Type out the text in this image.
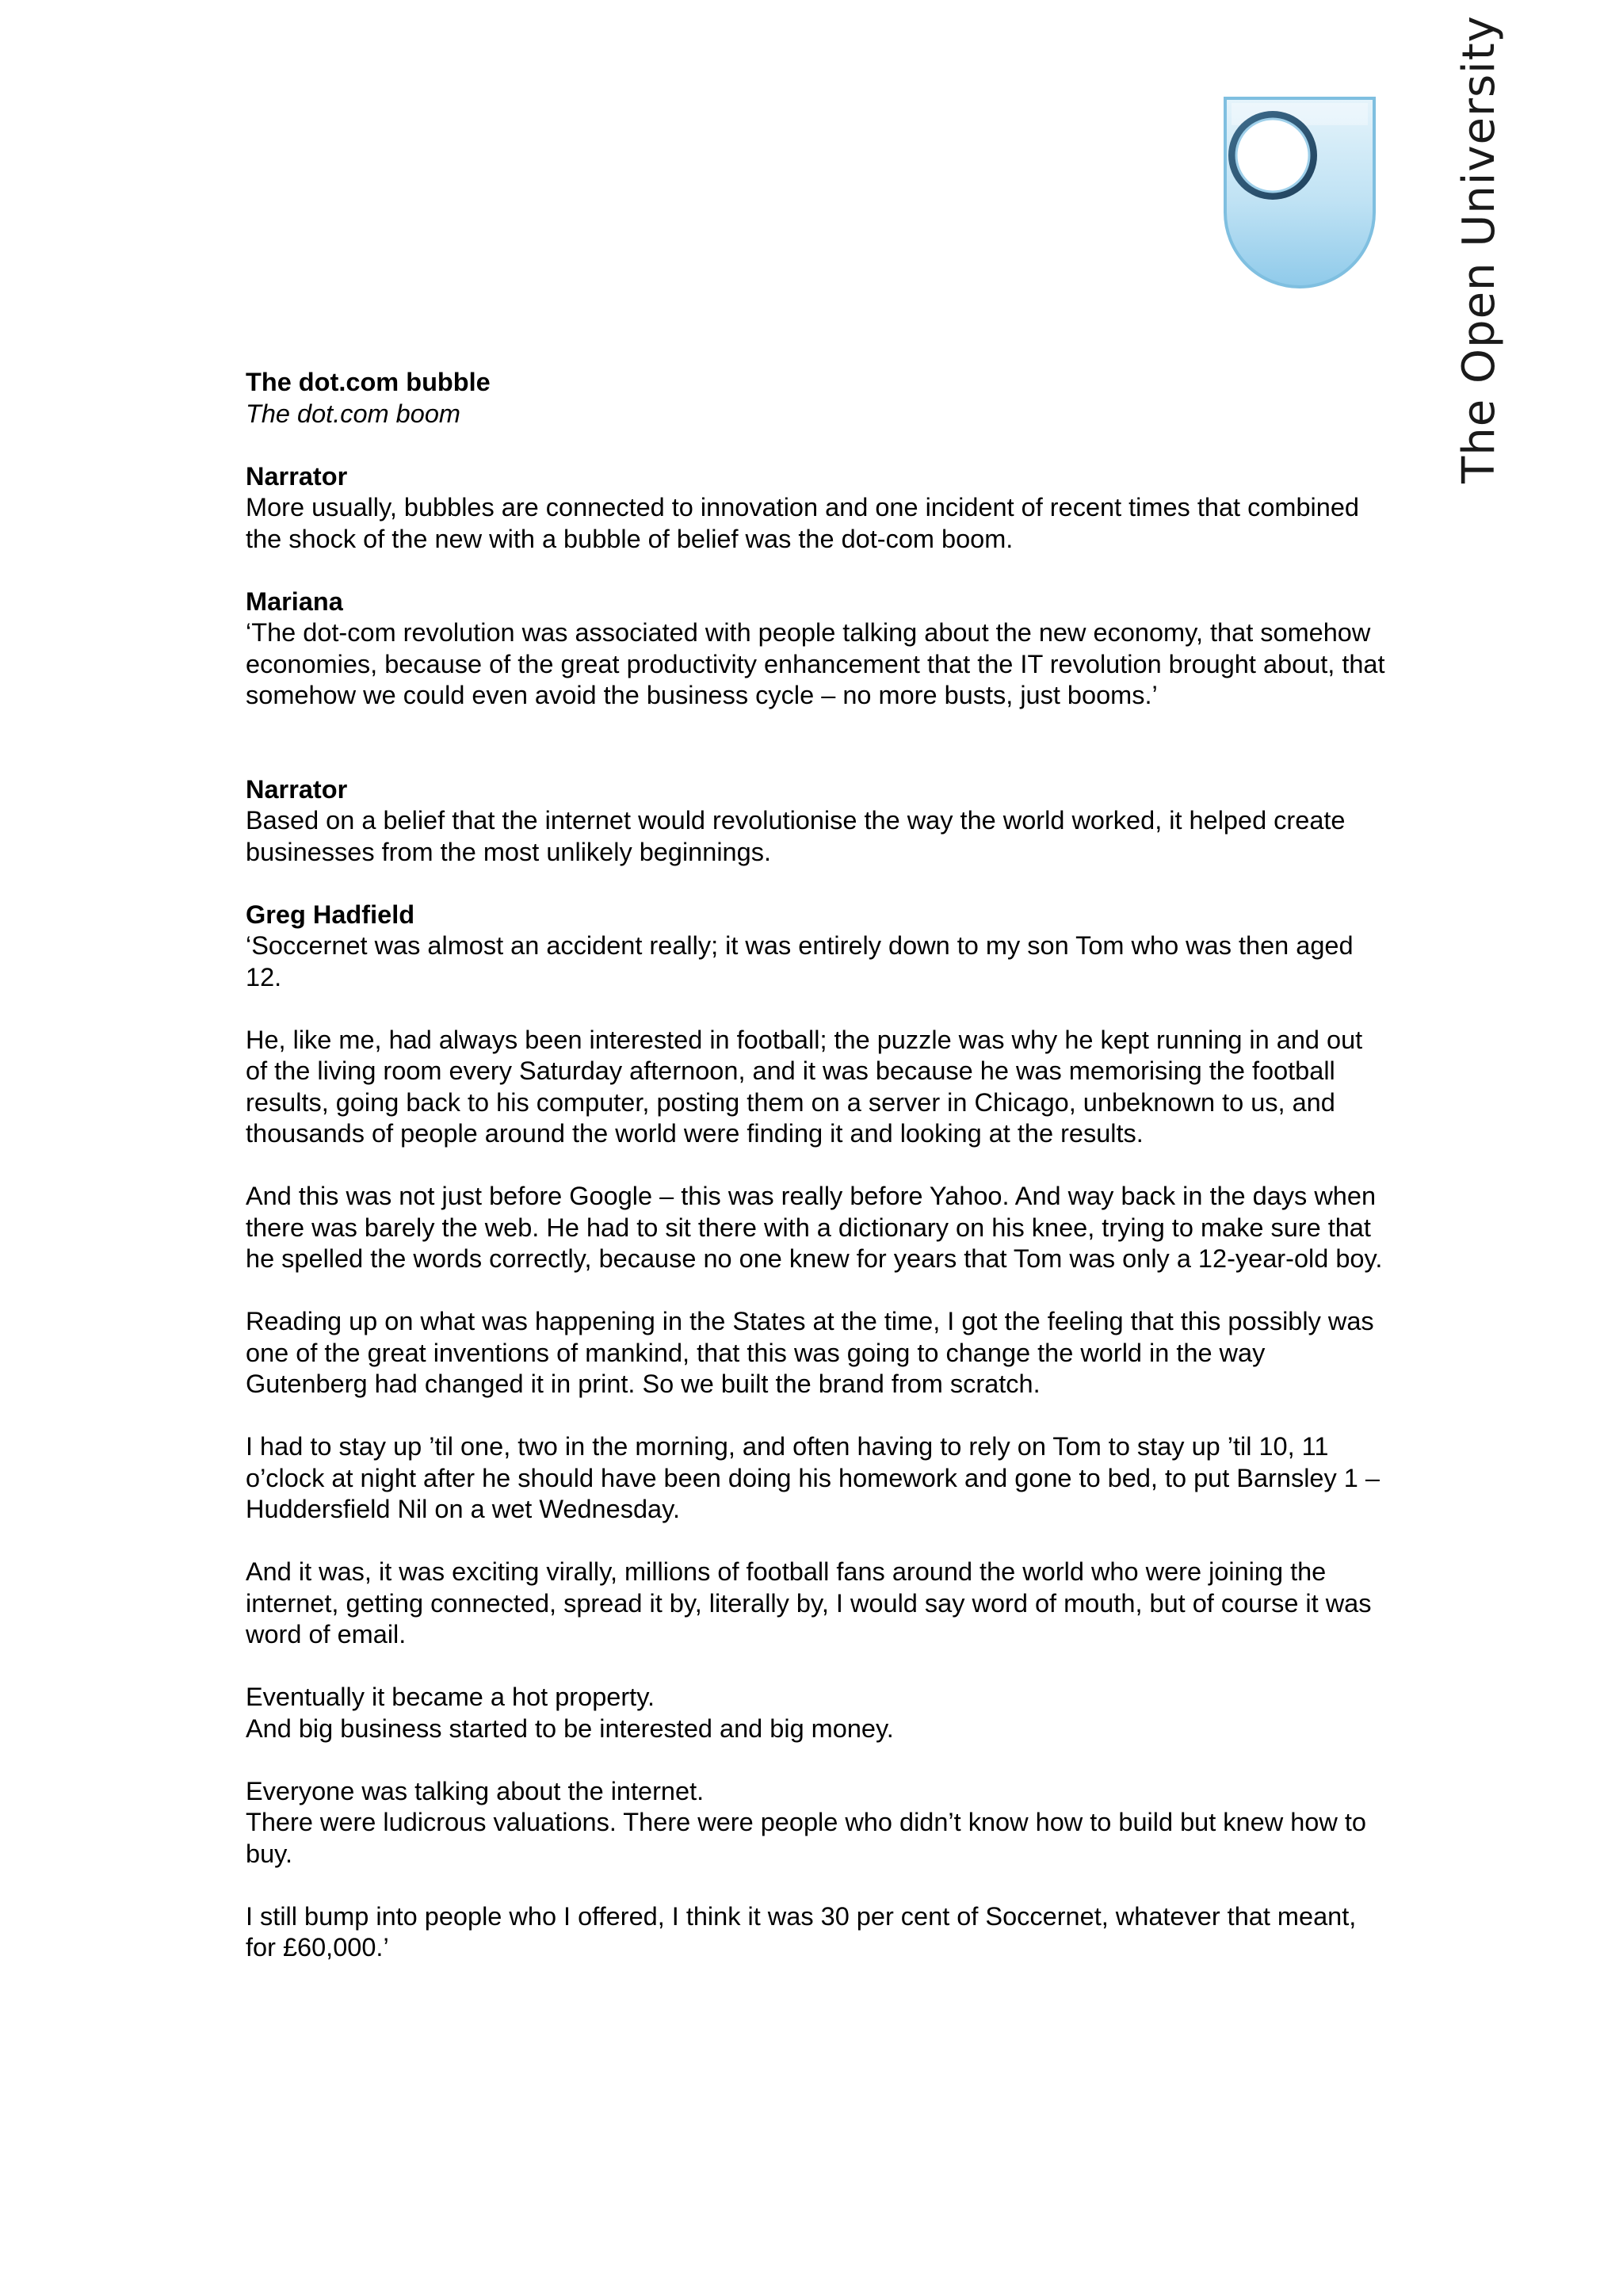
The Open University

The dot.com bubble

The dot.com boom

Narrator

More usually, bubbles are connected to innovation and one incident of recent times that combined the shock of the new with a bubble of belief was the dot-com boom.

Mariana

‘The dot-com revolution was associated with people talking about the new economy, that somehow economies, because of the great productivity enhancement that the IT revolution brought about, that somehow we could even avoid the business cycle – no more busts, just booms.’

Narrator

Based on a belief that the internet would revolutionise the way the world worked, it helped create businesses from the most unlikely beginnings.

Greg Hadfield

‘Soccernet was almost an accident really; it was entirely down to my son Tom who was then aged 12.

He, like me, had always been interested in football; the puzzle was why he kept running in and out of the living room every Saturday afternoon, and it was because he was memorising the football results, going back to his computer, posting them on a server in Chicago, unbeknown to us, and thousands of people around the world were finding it and looking at the results.

And this was not just before Google – this was really before Yahoo. And way back in the days when there was barely the web. He had to sit there with a dictionary on his knee, trying to make sure that he spelled the words correctly, because no one knew for years that Tom was only a 12-year-old boy.

Reading up on what was happening in the States at the time, I got the feeling that this possibly was one of the great inventions of mankind, that this was going to change the world in the way Gutenberg had changed it in print. So we built the brand from scratch.

I had to stay up ’til one, two in the morning, and often having to rely on Tom to stay up ’til 10, 11 o’clock at night after he should have been doing his homework and gone to bed, to put Barnsley 1 – Huddersfield Nil on a wet Wednesday.

And it was, it was exciting virally, millions of football fans around the world who were joining the internet, getting connected, spread it by, literally by, I would say word of mouth, but of course it was word of email.

Eventually it became a hot property.

And big business started to be interested and big money.

Everyone was talking about the internet.

There were ludicrous valuations. There were people who didn’t know how to build but knew how to buy.

I still bump into people who I offered, I think it was 30 per cent of Soccernet, whatever that meant, for £60,000.’
